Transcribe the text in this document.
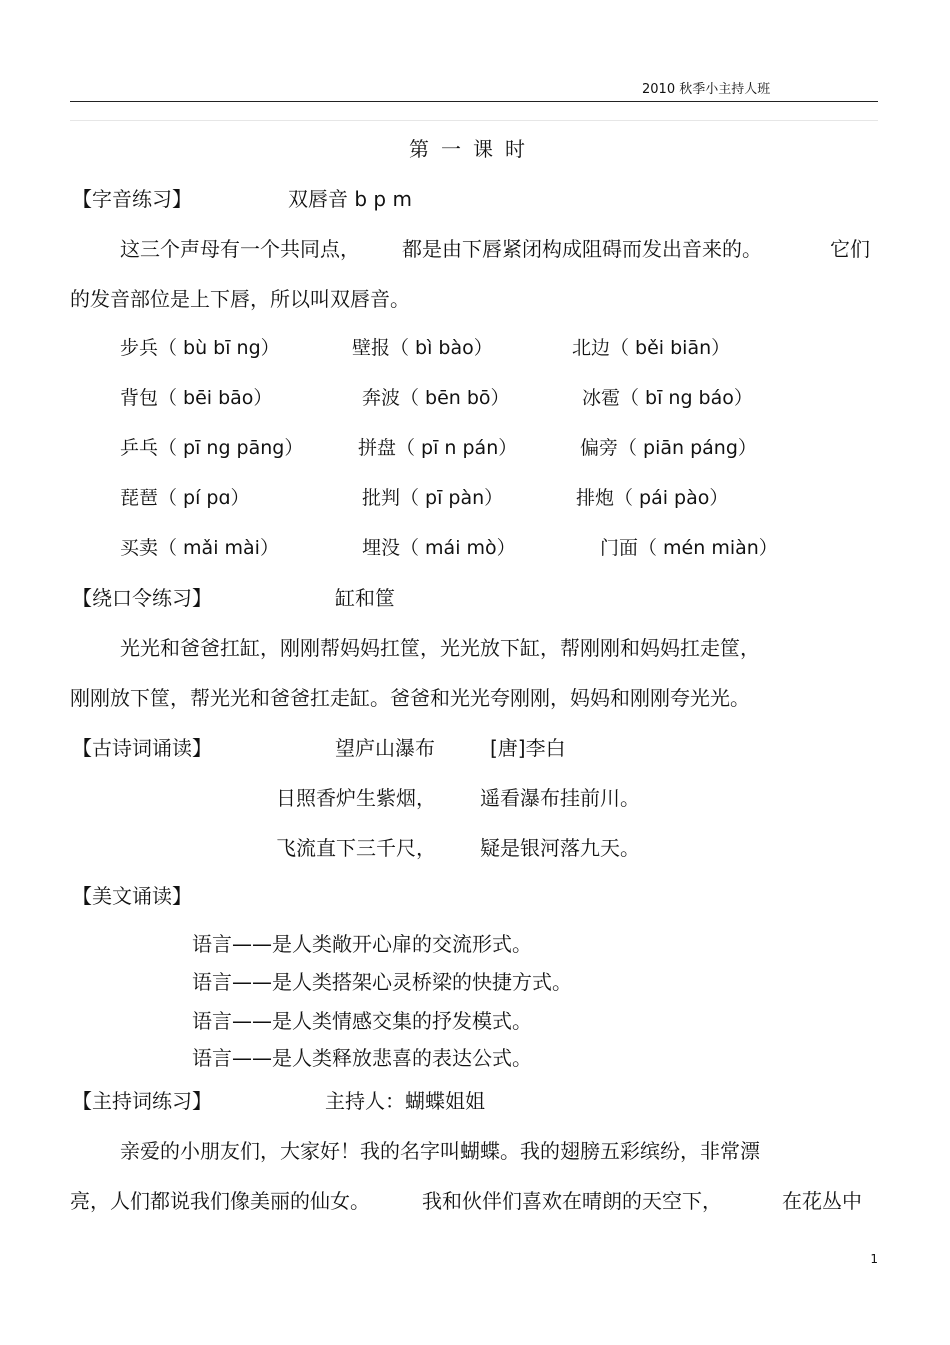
2010 秋季小主持人班
第一课时
【字音练习】	双唇音 b p m
这三个声母有一个共同点， 都是由下唇紧闭构成阻碍而发出音来的。	它们
的发音部位是上下唇，所以叫双唇音。
步兵（ bù bī ng）	壁报（ bì bào）	北边（ běi biān）
背包（ bēi bāo）	奔波（ bēn bō）	冰雹（ bī ng báo）
乒乓（ pī ng pāng）	拼盘（ pī n pán）	偏旁（ piān páng）
琵琶（ pí pɑ）	批判（ pī pàn）	排炮（ pái pào）
买卖（ mǎi mài）	埋没（ mái mò）	门面（ mén miàn）
【绕口令练习】	缸和筐
光光和爸爸扛缸，刚刚帮妈妈扛筐，光光放下缸，帮刚刚和妈妈扛走筐，
刚刚放下筐，帮光光和爸爸扛走缸。爸爸和光光夸刚刚，妈妈和刚刚夸光光。
【古诗词诵读】	望庐山瀑布	[唐]李白
日照香炉生紫烟， 遥看瀑布挂前川。
飞流直下三千尺， 疑是银河落九天。
【美文诵读】
语言——是人类敞开心扉的交流形式。
语言——是人类搭架心灵桥梁的快捷方式。
语言——是人类情感交集的抒发模式。
语言——是人类释放悲喜的表达公式。
【主持词练习】	主持人：蝴蝶姐姐
亲爱的小朋友们，大家好！我的名字叫蝴蝶。我的翅膀五彩缤纷，非常漂
亮，人们都说我们像美丽的仙女。	我和伙伴们喜欢在晴朗的天空下，	在花丛中
1
